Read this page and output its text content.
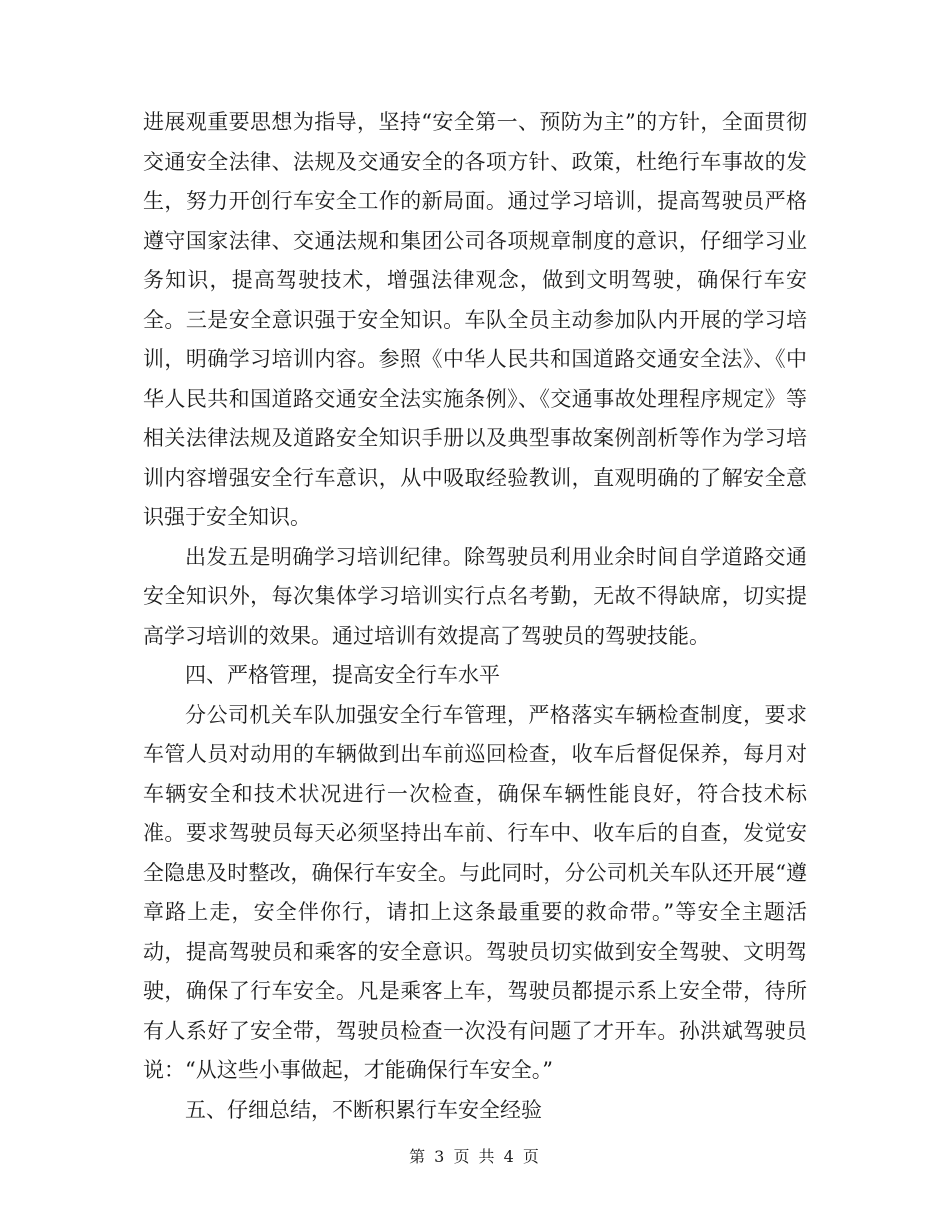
进展观重要思想为指导，坚持“安全第一、预防为主”的方针，全面贯彻交通安全法律、法规及交通安全的各项方针、政策，杜绝行车事故的发生，努力开创行车安全工作的新局面。通过学习培训，提高驾驶员严格遵守国家法律、交通法规和集团公司各项规章制度的意识，仔细学习业务知识，提高驾驶技术，增强法律观念，做到文明驾驶，确保行车安全。三是安全意识强于安全知识。车队全员主动参加队内开展的学习培训，明确学习培训内容。参照《中华人民共和国道路交通安全法》、《中华人民共和国道路交通安全法实施条例》、《交通事故处理程序规定》等相关法律法规及道路安全知识手册以及典型事故案例剖析等作为学习培训内容增强安全行车意识，从中吸取经验教训，直观明确的了解安全意识强于安全知识。

出发五是明确学习培训纪律。除驾驶员利用业余时间自学道路交通安全知识外，每次集体学习培训实行点名考勤，无故不得缺席，切实提高学习培训的效果。通过培训有效提高了驾驶员的驾驶技能。

四、严格管理，提高安全行车水平

分公司机关车队加强安全行车管理，严格落实车辆检查制度，要求车管人员对动用的车辆做到出车前巡回检查，收车后督促保养，每月对车辆安全和技术状况进行一次检查，确保车辆性能良好，符合技术标准。要求驾驶员每天必须坚持出车前、行车中、收车后的自查，发觉安全隐患及时整改，确保行车安全。与此同时，分公司机关车队还开展“遵章路上走，安全伴你行，请扣上这条最重要的救命带。”等安全主题活动，提高驾驶员和乘客的安全意识。驾驶员切实做到安全驾驶、文明驾驶，确保了行车安全。凡是乘客上车，驾驶员都提示系上安全带，待所有人系好了安全带，驾驶员检查一次没有问题了才开车。孙洪斌驾驶员说：“从这些小事做起，才能确保行车安全。”

五、仔细总结，不断积累行车安全经验

第 3 页 共 4 页
